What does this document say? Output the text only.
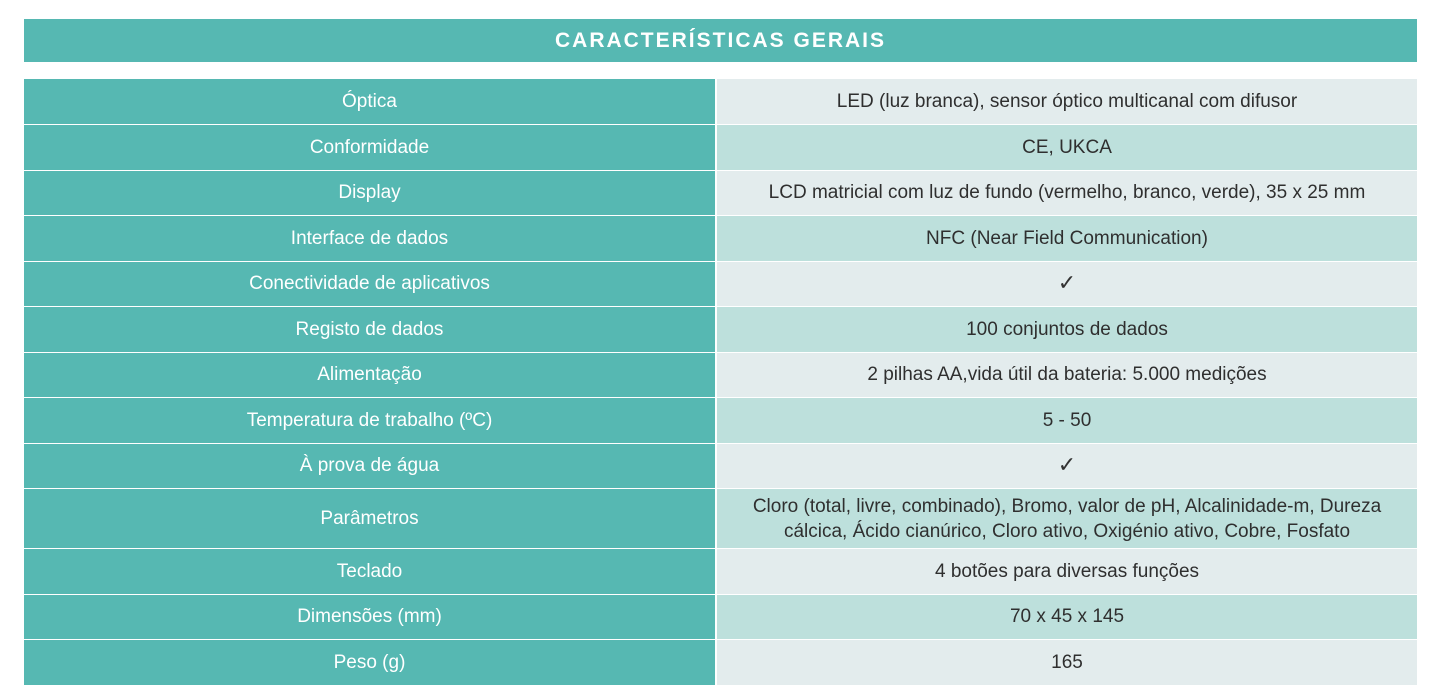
CARACTERÍSTICAS GERAIS
Óptica	LED (luz branca), sensor óptico multicanal com difusor
Conformidade	CE, UKCA
Display	LCD matricial com luz de fundo (vermelho, branco, verde), 35 x 25 mm
Interface de dados	NFC (Near Field Communication)
Conectividade de aplicativos	✓
Registo de dados	100 conjuntos de dados
Alimentação	2 pilhas AA,vida útil da bateria: 5.000 medições
Temperatura de trabalho (ºC)	5 - 50
À prova de água	✓
Parâmetros	Cloro (total, livre, combinado), Bromo, valor de pH, Alcalinidade-m, Dureza cálcica, Ácido cianúrico, Cloro ativo, Oxigénio ativo, Cobre, Fosfato
Teclado	4 botões para diversas funções
Dimensões (mm)	70 x 45 x 145
Peso (g)	165
